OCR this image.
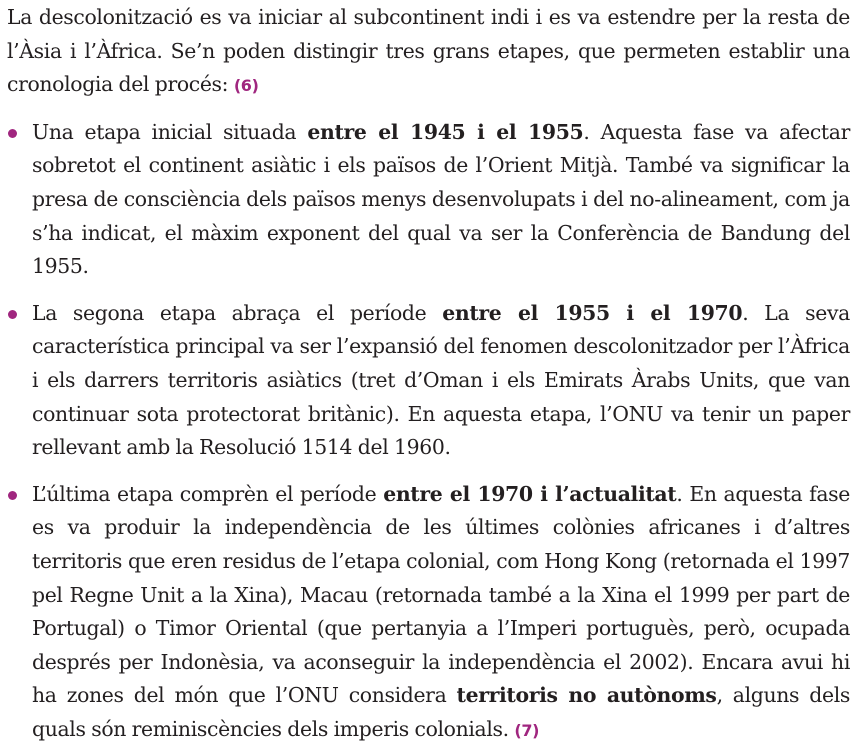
La descolonització es va iniciar al subcontinent indi i es va estendre per la resta de l’Àsia i l’Àfrica. Se’n poden distingir tres grans etapes, que permeten establir una cronologia del procés: (6)

Una etapa inicial situada entre el 1945 i el 1955. Aquesta fase va afectar sobretot el continent asiàtic i els països de l’Orient Mitjà. També va significar la presa de consciència dels països menys desenvolupats i del no-alineament, com ja s’ha indicat, el màxim exponent del qual va ser la Conferència de Bandung del 1955.
La segona etapa abraça el període entre el 1955 i el 1970. La seva característica principal va ser l’expansió del fenomen descolonitzador per l’Àfrica i els darrers territoris asiàtics (tret d’Oman i els Emirats Àrabs Units, que van continuar sota protectorat britànic). En aquesta etapa, l’ONU va tenir un paper rellevant amb la Resolució 1514 del 1960.
L’última etapa comprèn el període entre el 1970 i l’actualitat. En aquesta fase es va produir la independència de les últimes colònies africanes i d’altres territoris que eren residus de l’etapa colonial, com Hong Kong (retornada el 1997 pel Regne Unit a la Xina), Macau (retornada també a la Xina el 1999 per part de Portugal) o Timor Oriental (que pertanyia a l’Imperi portuguès, però, ocupada després per Indonèsia, va aconseguir la independència el 2002). Encara avui hi ha zones del món que l’ONU considera territoris no autònoms, alguns dels quals són reminiscències dels imperis colonials. (7)
